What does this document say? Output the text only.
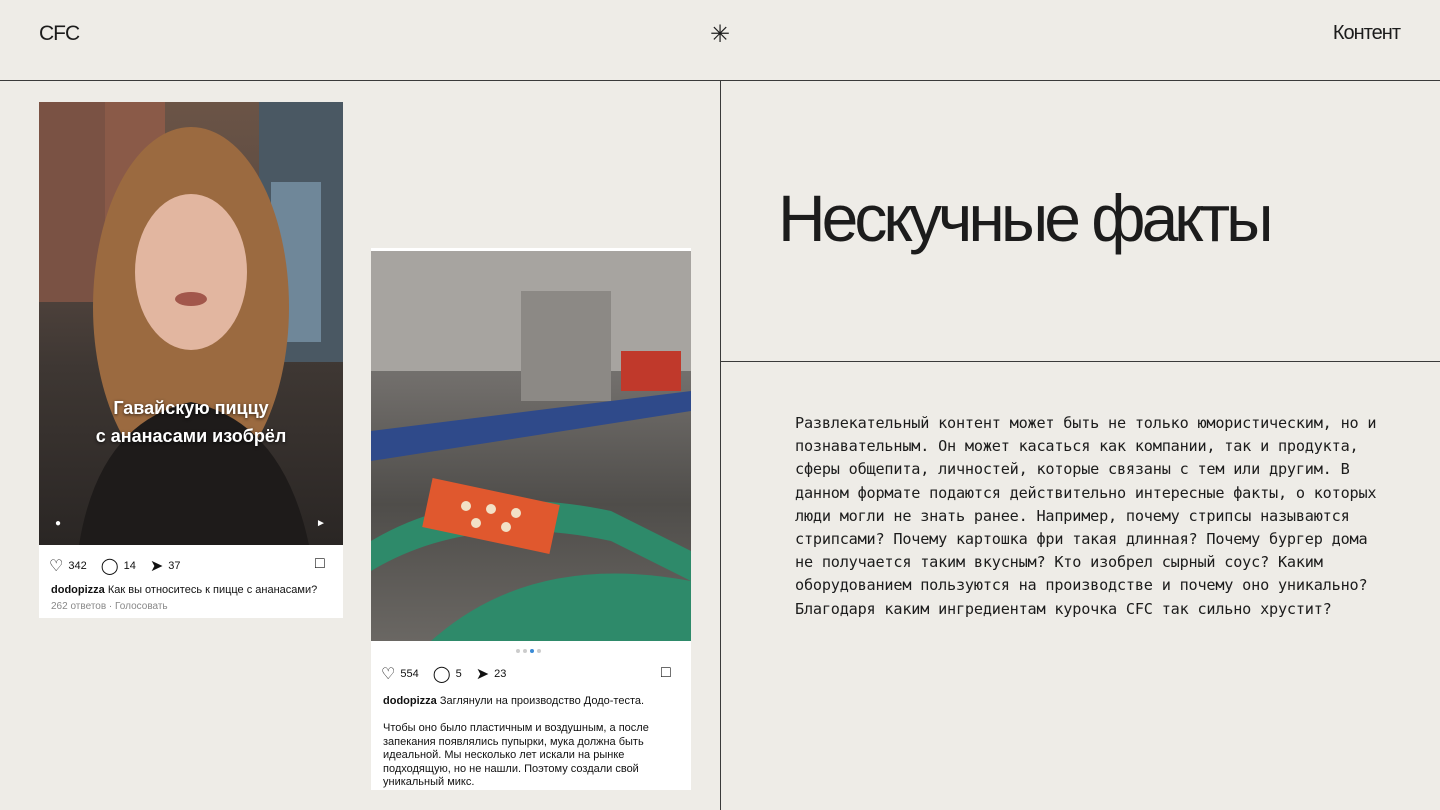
CFC	✳	Контент
Гавайскую пиццу
с ананасами изобрёл
●	►
♡ 342 ◯ 14 ➤ 37	□
dodopizza Как вы относитесь к пицце с ананасами?
262 ответов · Голосовать
♡ 554 ◯ 5 ➤ 23	□
dodopizza Заглянули на производство Додо-теста.
Чтобы оно было пластичным и воздушным, а после запекания появлялись пупырки, мука должна быть идеальной. Мы несколько лет искали на рынке подходящую, но не нашли. Поэтому создали свой уникальный микс.
Нескучные факты

Развлекательный контент может быть не только юмористическим, но и познавательным. Он может касаться как компании, так и продукта, сферы общепита, личностей, которые связаны с тем или другим. В данном формате подаются действительно интересные факты, о которых люди могли не знать ранее. Например, почему стрипсы называются стрипсами? Почему картошка фри такая длинная? Почему бургер дома не получается таким вкусным? Кто изобрел сырный соус? Каким оборудованием пользуются на производстве и почему оно уникально? Благодаря каким ингредиентам курочка CFC так сильно хрустит?
